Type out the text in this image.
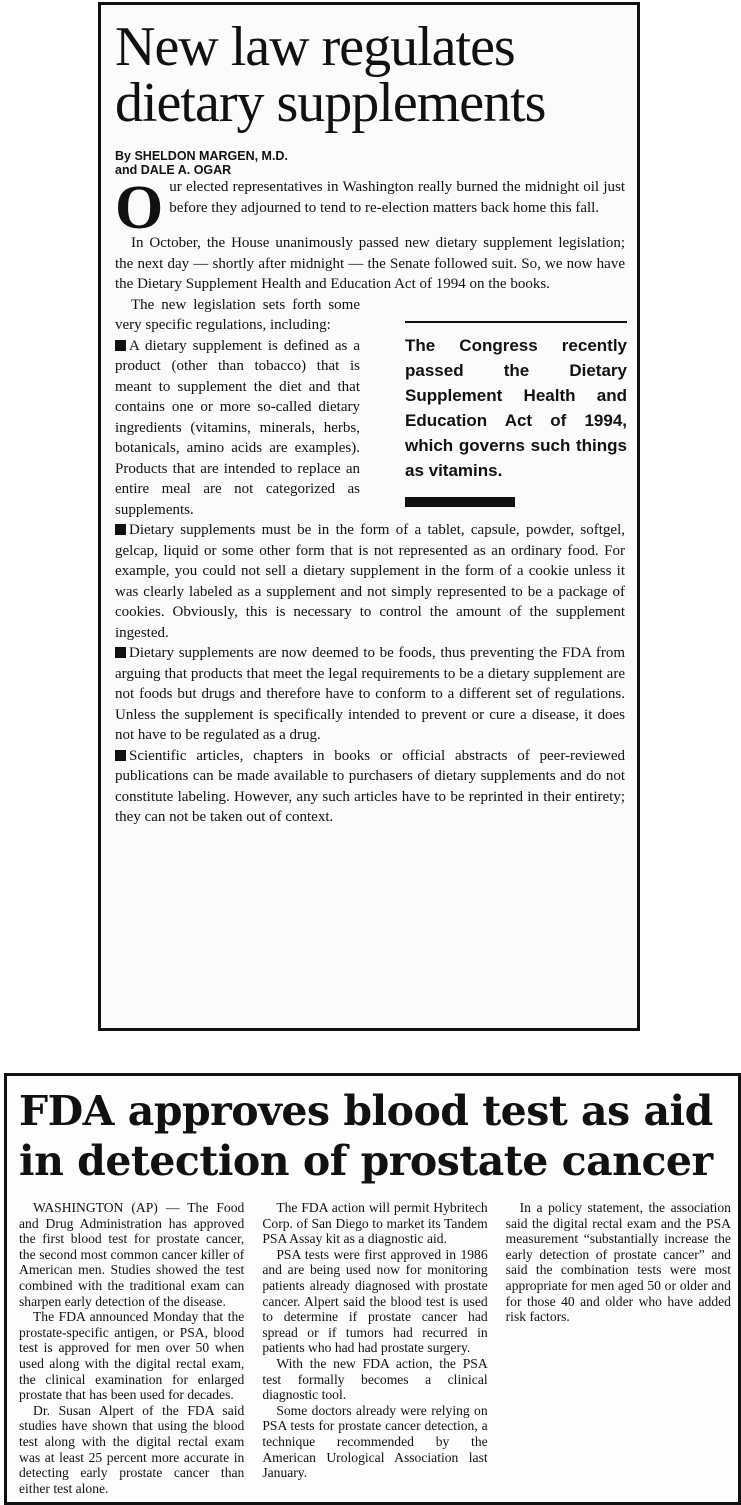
New law regulates
dietary supplements
By SHELDON MARGEN, M.D.
and DALE A. OGAR

Our elected representatives in Washington really burned the midnight oil just before they adjourned to tend to re-election matters back home this fall.

In October, the House unanimously passed new dietary supplement legislation; the next day — shortly after midnight — the Senate followed suit. So, we now have the Dietary Supplement Health and Education Act of 1994 on the books.

The new legislation sets forth some very specific regulations, including:

A dietary supplement is defined as a product (other than tobacco) that is meant to supplement the diet and that contains one or more so-called dietary ingredients (vitamins, minerals, herbs, botanicals, amino acids are examples). Products that are intended to replace an entire meal are not categorized as supplements.

The Congress recently passed the Dietary Supplement Health and Education Act of 1994, which governs such things as vitamins.

Dietary supplements must be in the form of a tablet, capsule, powder, softgel, gelcap, liquid or some other form that is not represented as an ordinary food. For example, you could not sell a dietary supplement in the form of a cookie unless it was clearly labeled as a supplement and not simply represented to be a package of cookies. Obviously, this is necessary to control the amount of the supplement ingested.

Dietary supplements are now deemed to be foods, thus preventing the FDA from arguing that products that meet the legal requirements to be a dietary supplement are not foods but drugs and therefore have to conform to a different set of regulations. Unless the supplement is specifically intended to prevent or cure a disease, it does not have to be regulated as a drug.

Scientific articles, chapters in books or official abstracts of peer-reviewed publications can be made available to purchasers of dietary supplements and do not constitute labeling. However, any such articles have to be reprinted in their entirety; they can not be taken out of context.

FDA approves blood test as aid
in detection of prostate cancer

WASHINGTON (AP) — The Food and Drug Administration has approved the first blood test for prostate cancer, the second most common cancer killer of American men. Studies showed the test combined with the traditional exam can sharpen early detection of the disease.

The FDA announced Monday that the prostate-specific antigen, or PSA, blood test is approved for men over 50 when used along with the digital rectal exam, the clinical examination for enlarged prostate that has been used for decades.

Dr. Susan Alpert of the FDA said studies have shown that using the blood test along with the digital rectal exam was at least 25 percent more accurate in detecting early prostate cancer than either test alone.

The FDA action will permit Hybritech Corp. of San Diego to market its Tandem PSA Assay kit as a diagnostic aid.

PSA tests were first approved in 1986 and are being used now for monitoring patients already diagnosed with prostate cancer. Alpert said the blood test is used to determine if prostate cancer had spread or if tumors had recurred in patients who had had prostate surgery.

With the new FDA action, the PSA test formally becomes a clinical diagnostic tool.

Some doctors already were relying on PSA tests for prostate cancer detection, a technique recommended by the American Urological Association last January.

In a policy statement, the association said the digital rectal exam and the PSA measurement “substantially increase the early detection of prostate cancer” and said the combination tests were most appropriate for men aged 50 or older and for those 40 and older who have added risk factors.
